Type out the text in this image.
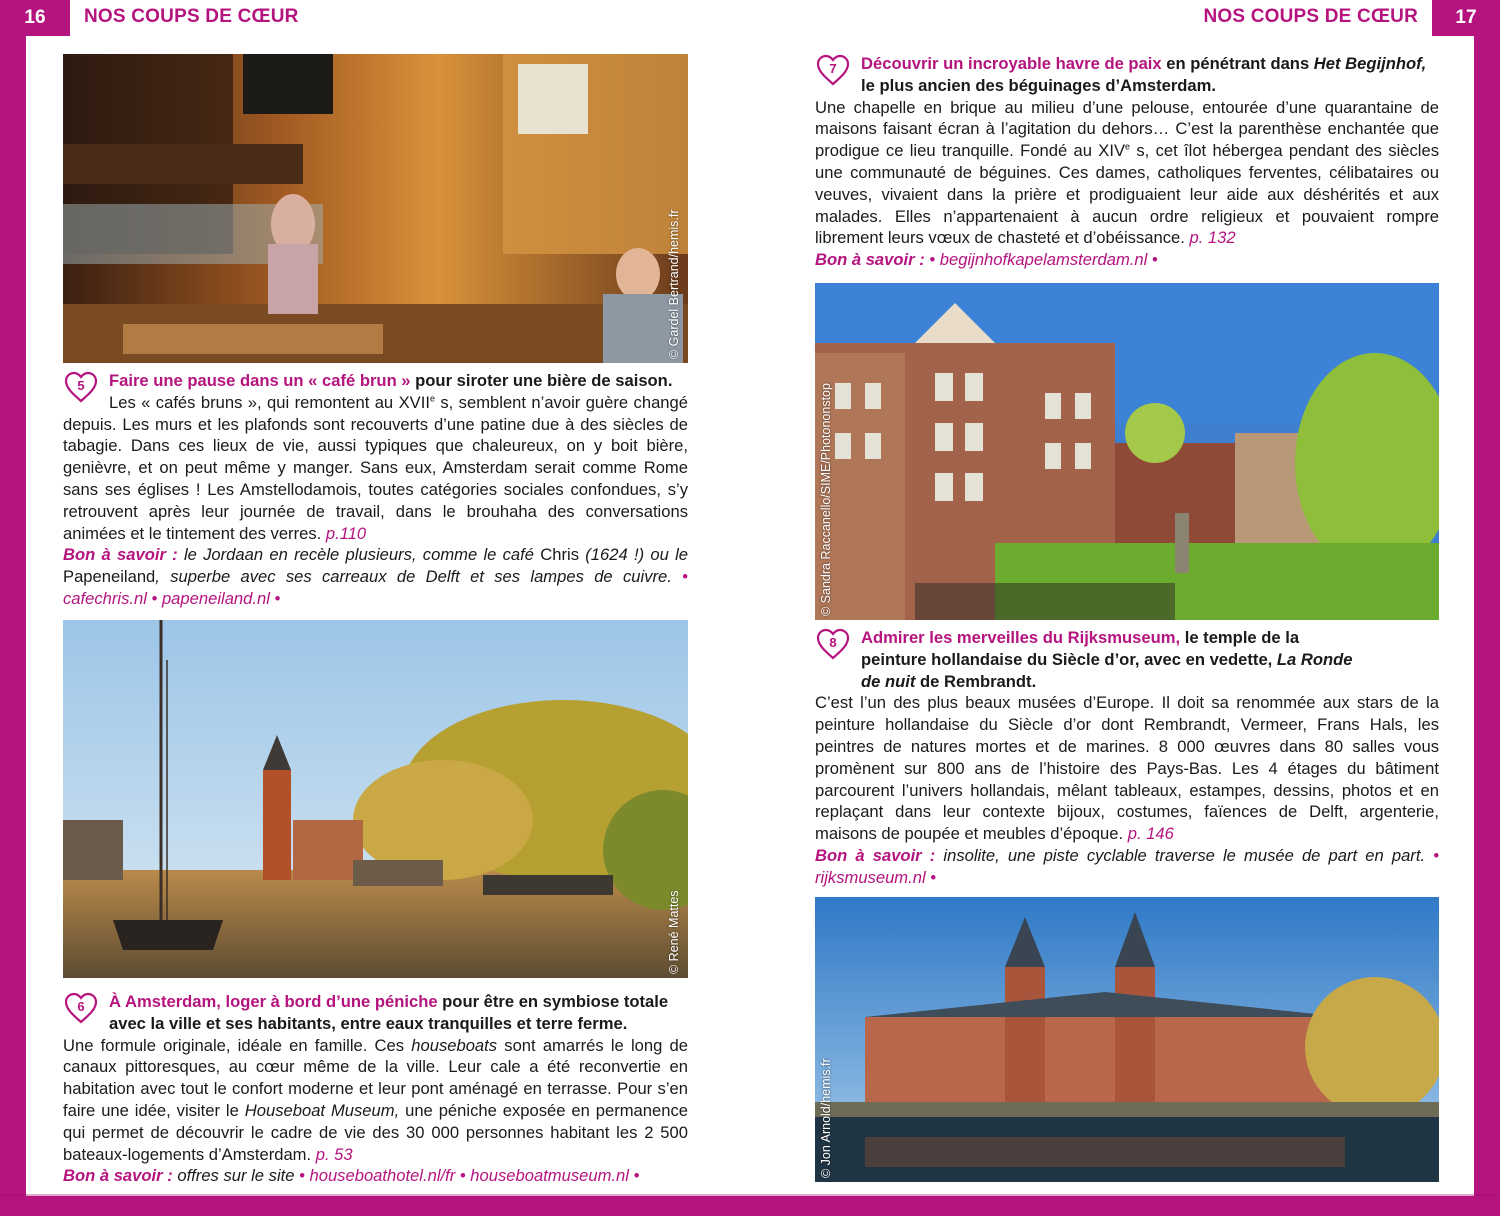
16	17
NOS COUPS DE CŒUR	NOS COUPS DE CŒUR
© Gardel Bertrand/hemis.fr
5	Faire une pause dans un « café brun » pour siroter une bière de saison.
Les « cafés bruns », qui remontent au XVIIe s, semblent n’avoir guère changé depuis. Les murs et les plafonds sont recouverts d’une patine due à des siècles de tabagie. Dans ces lieux de vie, aussi typiques que chaleureux, on y boit bière, genièvre, et on peut même y manger. Sans eux, Amsterdam serait comme Rome sans ses églises ! Les Amstellodamois, toutes catégories sociales confondues, s’y retrouvent après leur journée de travail, dans le brouhaha des conversations animées et le tintement des verres. p.110
Bon à savoir : le Jordaan en recèle plusieurs, comme le café Chris (1624 !) ou le Papeneiland, superbe avec ses carreaux de Delft et ses lampes de cuivre. • cafechris.nl • papeneiland.nl •
© René Mattes
6	À Amsterdam, loger à bord d’une péniche pour être en symbiose totale avec la ville et ses habitants, entre eaux tranquilles et terre ferme.
Une formule originale, idéale en famille. Ces houseboats sont amarrés le long de canaux pittoresques, au cœur même de la ville. Leur cale a été reconvertie en habitation avec tout le confort moderne et leur pont aménagé en terrasse. Pour s’en faire une idée, visiter le Houseboat Museum, une péniche exposée en permanence qui permet de découvrir le cadre de vie des 30 000 personnes habitant les 2 500 bateaux-logements d’Amsterdam. p. 53
Bon à savoir : offres sur le site • houseboathotel.nl/fr • houseboatmuseum.nl •
7	Découvrir un incroyable havre de paix en pénétrant dans Het Begijnhof, le plus ancien des béguinages d’Amsterdam.
Une chapelle en brique au milieu d’une pelouse, entourée d’une quarantaine de maisons faisant écran à l’agitation du dehors… C’est la parenthèse enchantée que prodigue ce lieu tranquille. Fondé au XIVe s, cet îlot hébergea pendant des siècles une communauté de béguines. Ces dames, catholiques ferventes, célibataires ou veuves, vivaient dans la prière et prodiguaient leur aide aux déshérités et aux malades. Elles n’appartenaient à aucun ordre religieux et pouvaient rompre librement leurs vœux de chasteté et d’obéissance. p. 132
Bon à savoir : • begijnhofkapelamsterdam.nl •
© Sandra Raccanello/SIME/Photononstop
8	Admirer les merveilles du Rijksmuseum, le temple de la peinture hollandaise du Siècle d’or, avec en vedette, La Ronde de nuit de Rembrandt.
C’est l’un des plus beaux musées d’Europe. Il doit sa renommée aux stars de la peinture hollandaise du Siècle d’or dont Rembrandt, Vermeer, Frans Hals, les peintres de natures mortes et de marines. 8 000 œuvres dans 80 salles vous promènent sur 800 ans de l’histoire des Pays-Bas. Les 4 étages du bâtiment parcourent l’univers hollandais, mêlant tableaux, estampes, dessins, photos et en replaçant dans leur contexte bijoux, costumes, faïences de Delft, argenterie, maisons de poupée et meubles d’époque. p. 146
Bon à savoir : insolite, une piste cyclable traverse le musée de part en part. • rijksmuseum.nl •
© Jon Arnold/hemis.fr
